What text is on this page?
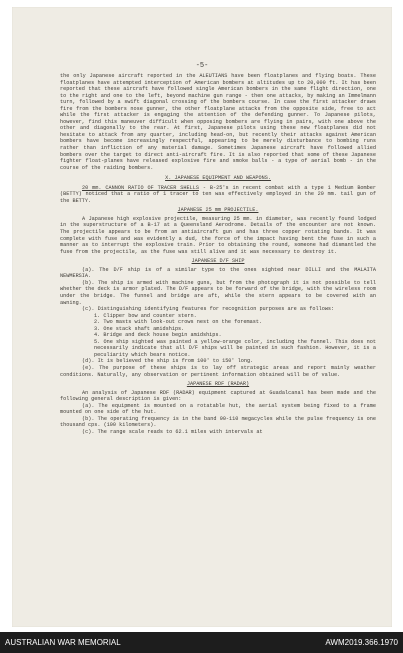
-5-

the only Japanese aircraft reported in the ALEUTIANS have been floatplanes and flying boats. These floatplanes have attempted interception of American bombers at altitudes up to 20,000 ft. It has been reported that these aircraft have followed single American bombers in the same flight direction, one to the right and one to the left, beyond machine gun range - then one attacks, by making an Immelmann turn, followed by a swift diagonal crossing of the bombers course. In case the first attacker draws fire from the bombers nose gunner, the other floatplane attacks from the opposite side, free to act while the first attacker is engaging the attention of the defending gunner. To Japanese pilots, however, find this maneuver difficult when opposing bombers are flying in pairs, with one above the other and diagonally to the rear. At first, Japanese pilots using these new floatplanes did not hesitate to attack from any quarter, including head-on, but recently their attacks against American bombers have become increasingly respectful, appearing to be merely disturbance to bombing runs rather than infliction of any material damage. Sometimes Japanese aircraft have followed allied bombers over the target to direct anti-aircraft fire. It is also reported that some of these Japanese fighter float-planes have released explosive fire and smoke balls - a type of aerial bomb - in the course of the raiding bombers.

X. JAPANESE EQUIPMENT AND WEAPONS.

20 mm. CANNON RATIO OF TRACER SHELLS - B-25's in recent combat with a type 1 Medium Bomber (BETTY) noticed that a ratio of 1 tracer to ten was effectively employed in the 20 mm. tail gun of the BETTY.

JAPANESE 25 mm PROJECTILE.

A Japanese high explosive projectile, measuring 25 mm. in diameter, was recently found lodged in the superstructure of a B-17 at a Queensland Aerodrome. Details of the encounter are not known. The projectile appears to be from an antiaircraft gun and has three copper rotating bands. It was complete with fuse and was evidently a dud, the force of the impact having bent the fuse in such a manner as to interrupt the explosive train. Prior to obtaining the round, someone had dismantled the fuse from the projectile, as the fuse was still alive and it was necessary to destroy it.

JAPANESE D/F SHIP

(a). The D/F ship is of a similar type to the ones sighted near DILLI and the MALAITA NEWMERSIA.

(b). The ship is armed with machine guns, but from the photograph it is not possible to tell whether the deck is armor plated. The D/F appears to be forward of the bridge, with the wireless room under the bridge. The funnel and bridge are aft, while the stern appears to be covered with an awning.

(c). Distinguishing identifying features for recognition purposes are as follows:

1. Clipper bow and counter stern.
2. Two masts with look-out crows nest on the foremast.
3. One stack shaft amidships.
4. Bridge and deck house begin amidships.
5. One ship sighted was painted a yellow-orange color, including the funnel. This does not necessarily indicate that all D/F ships will be painted in such fashion. However, it is a peculiarity which bears notice.

(d). It is believed the ship is from 100' to 150' long.

(e). The purpose of these ships is to lay off strategic areas and report mainly weather conditions. Naturally, any observation or pertinent information obtained will be of value.

JAPANESE RDF (RADAR)

An analysis of Japanese RDF (RADAR) equipment captured at Guadalcanal has been made and the following general description is given:

(a). The equipment is mounted on a rotatable hut, the aerial system being fixed to a frame mounted on one side of the hut.

(b). The operating frequency is in the band 90-110 megacycles while the pulse frequency is one thousand cps. (100 kilometers).

(c). The range scale reads to 62.1 miles with intervals at

AUSTRALIAN WAR MEMORIAL	AWM2019.366.1970
